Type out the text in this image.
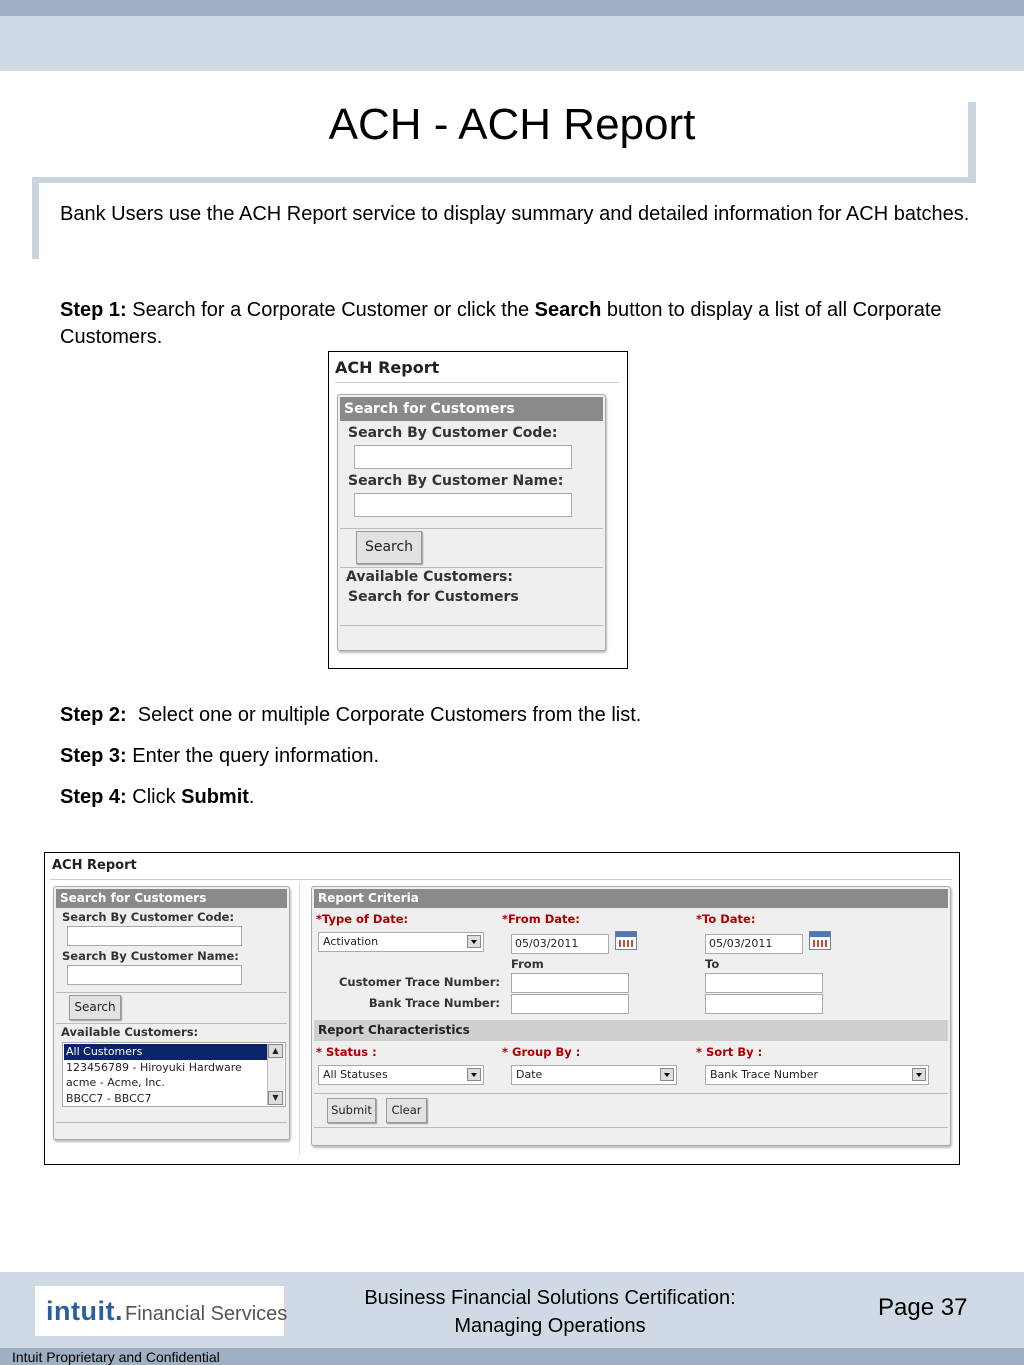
ACH - ACH Report
Bank Users use the ACH Report service to display summary and detailed information for ACH batches.
Step 1: Search for a Corporate Customer or click the Search button to display a list of all Corporate Customers.
ACH Report
Search for Customers
Search By Customer Code:
Search By Customer Name:
Search
Available Customers:
Search for Customers
Step 2:  Select one or multiple Corporate Customers from the list.
Step 3: Enter the query information.
Step 4: Click Submit.
ACH Report
Search for Customers
Search By Customer Code:
Search By Customer Name:
Search
Available Customers:
All Customers
123456789 - Hiroyuki Hardware
acme - Acme, Inc.
BBCC7 - BBCC7
▲
▼
Report Criteria
*Type of Date:
Activation
*From Date:
05/03/2011
From
*To Date:
05/03/2011
To
Customer Trace Number:
Bank Trace Number:
Report Characteristics
* Status :
All Statuses
* Group By :
Date
* Sort By :
Bank Trace Number
Submit	Clear
intuit. Financial Services
Business Financial Solutions Certification:
Managing Operations
Page 37
Intuit Proprietary and Confidential
